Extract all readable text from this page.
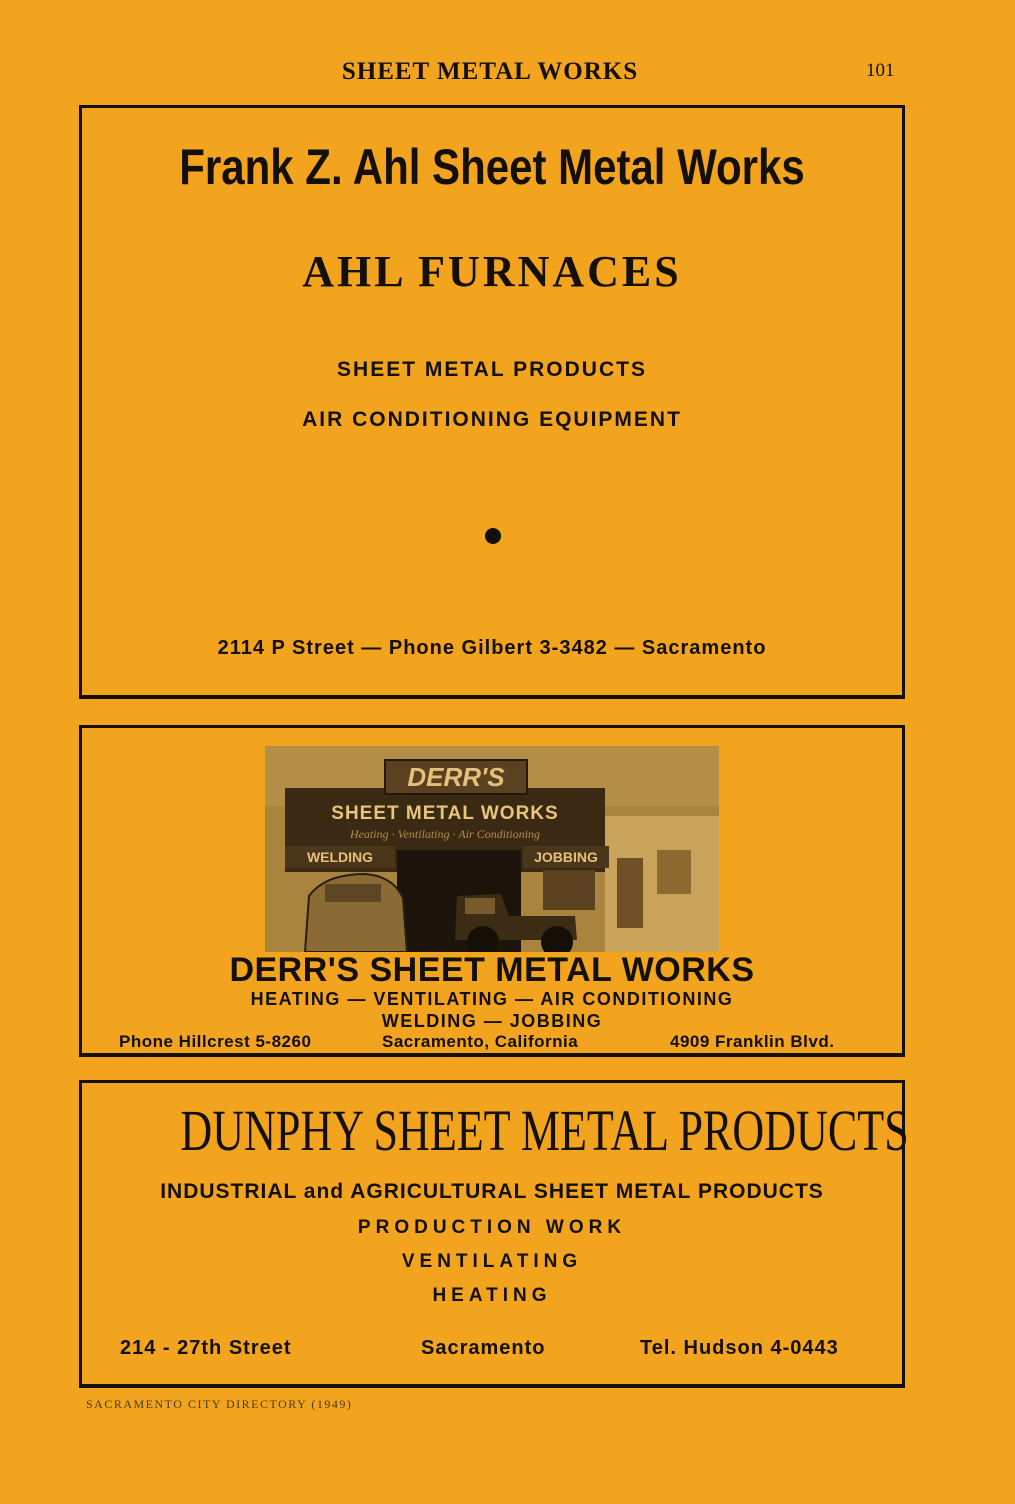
SHEET METAL WORKS	101
Frank Z. Ahl Sheet Metal Works
AHL FURNACES
SHEET METAL PRODUCTS
AIR CONDITIONING EQUIPMENT
2114 P Street — Phone Gilbert 3-3482 — Sacramento
DERR'S
SHEET METAL WORKS
Heating · Ventilating · Air Conditioning
WELDING	JOBBING
DERR'S SHEET METAL WORKS
HEATING — VENTILATING — AIR CONDITIONING
WELDING — JOBBING
Phone Hillcrest 5-8260	Sacramento, California	4909 Franklin Blvd.
DUNPHY SHEET METAL PRODUCTS
INDUSTRIAL and AGRICULTURAL SHEET METAL PRODUCTS
PRODUCTION WORK
VENTILATING
HEATING
214 - 27th Street	Sacramento	Tel. Hudson 4-0443
SACRAMENTO CITY DIRECTORY (1949)
